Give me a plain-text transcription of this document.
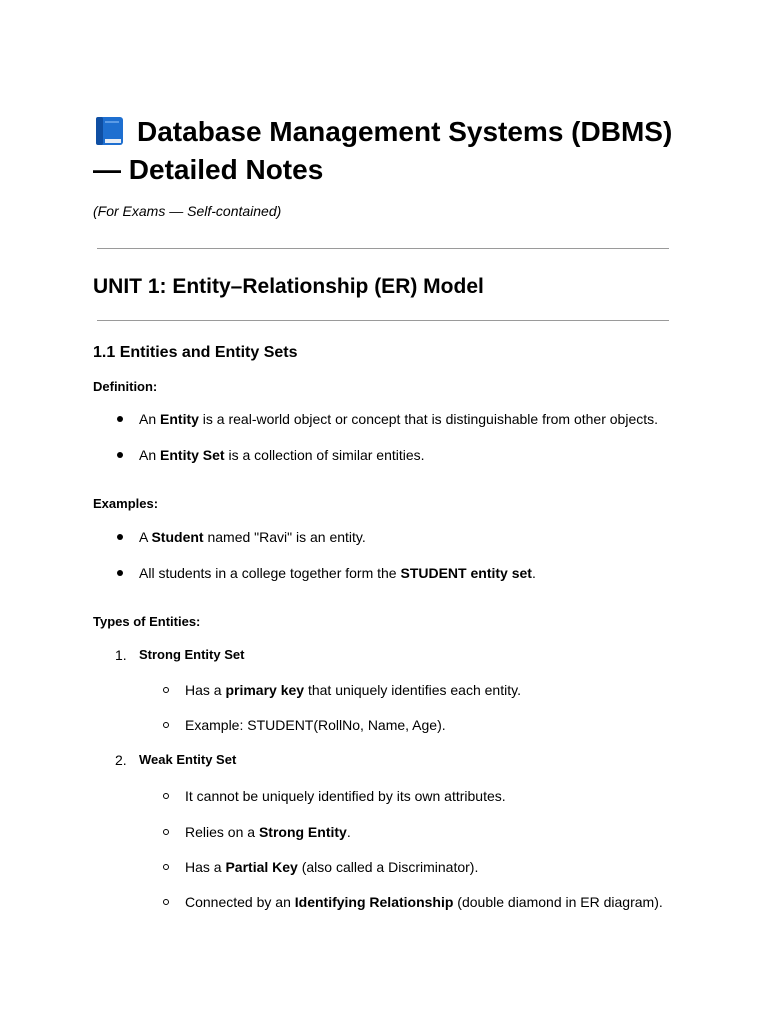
Database Management Systems (DBMS) — Detailed Notes

(For Exams — Self-contained)

UNIT 1: Entity–Relationship (ER) Model
1.1 Entities and Entity Sets

Definition:

An Entity is a real-world object or concept that is distinguishable from other objects.

An Entity Set is a collection of similar entities.

Examples:

A Student named "Ravi" is an entity.

All students in a college together form the STUDENT entity set.

Types of Entities:

1. Strong Entity Set

Has a primary key that uniquely identifies each entity.

Example: STUDENT(RollNo, Name, Age).

2. Weak Entity Set

It cannot be uniquely identified by its own attributes.

Relies on a Strong Entity.

Has a Partial Key (also called a Discriminator).

Connected by an Identifying Relationship (double diamond in ER diagram).
